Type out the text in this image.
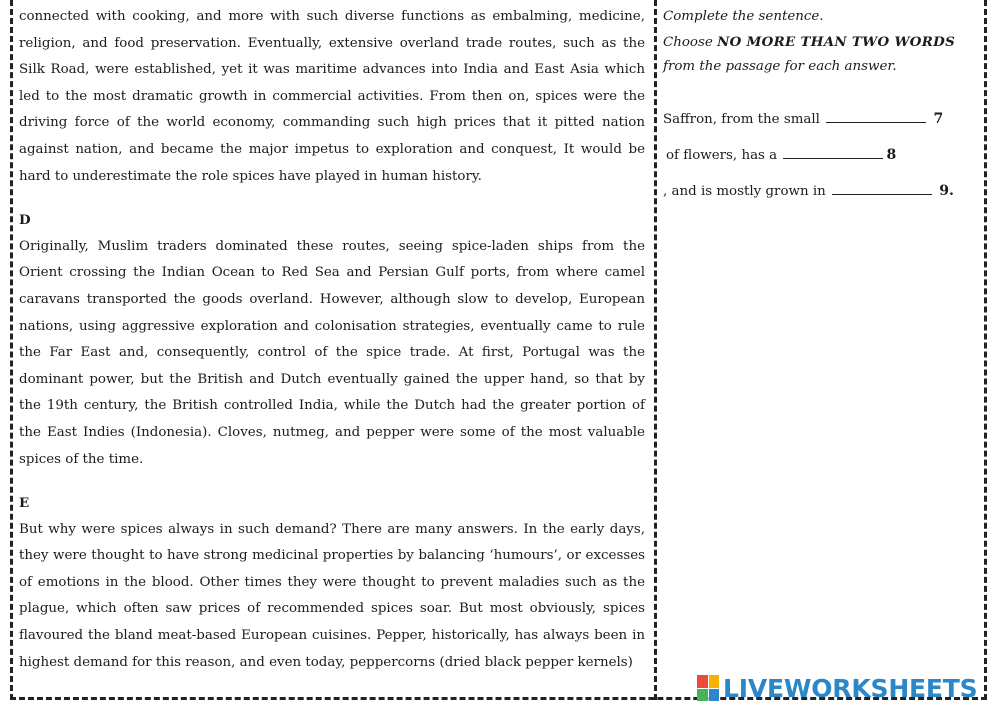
connected with cooking, and more with such diverse functions as embalming, medicine, religion, and food preservation. Eventually, extensive overland trade routes, such as the Silk Road, were established, yet it was maritime advances into India and East Asia which led to the most dramatic growth in commercial activities. From then on, spices were the driving force of the world economy, commanding such high prices that it pitted nation against nation, and became the major impetus to exploration and conquest, It would be hard to underestimate the role spices have played in human history.

D

Originally, Muslim traders dominated these routes, seeing spice-laden ships from the Orient crossing the Indian Ocean to Red Sea and Persian Gulf ports, from where camel caravans transported the goods overland. However, although slow to develop, European nations, using aggressive exploration and colonisation strategies, eventually came to rule the Far East and, consequently, control of the spice trade. At first, Portugal was the dominant power, but the British and Dutch eventually gained the upper hand, so that by the 19th century, the British controlled India, while the Dutch had the greater portion of the East Indies (Indonesia). Cloves, nutmeg, and pepper were some of the most valuable spices of the time.

E

But why were spices always in such demand? There are many answers. In the early days, they were thought to have strong medicinal properties by balancing ‘humours’, or excesses of emotions in the blood. Other times they were thought to prevent maladies such as the plague, which often saw prices of recommended spices soar. But most obviously, spices flavoured the bland meat-based European cuisines. Pepper, historically, has always been in highest demand for this reason, and even today, peppercorns (dried black pepper kernels)

Complete the sentence.

Choose NO MORE THAN TWO WORDS

from the passage for each answer.

Saffron, from the small	7

of flowers, has a	8

, and is mostly grown in	9.

LIVEWORKSHEETS
